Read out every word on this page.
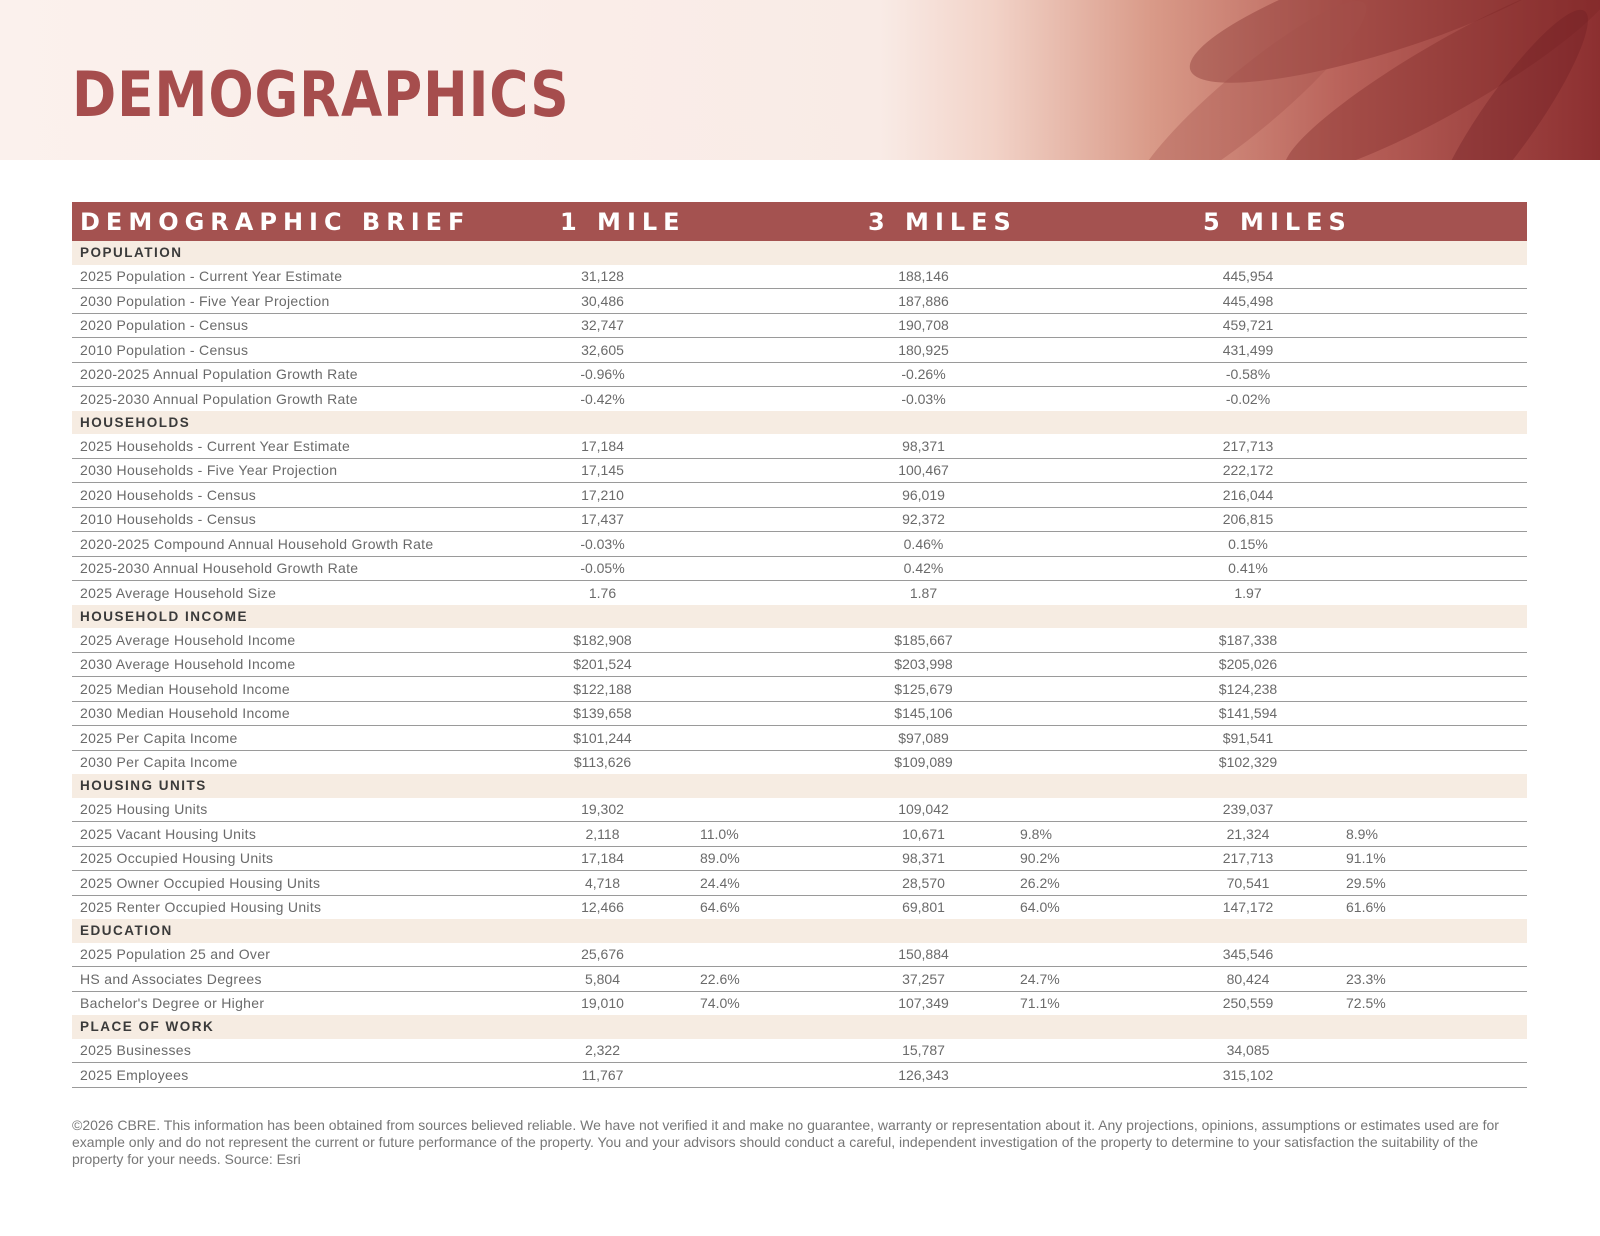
DEMOGRAPHICS
DEMOGRAPHIC BRIEF	1 MILE		3 MILES		5 MILES	
POPULATION						
2025 Population - Current Year Estimate	31,128		188,146		445,954	
2030 Population - Five Year Projection	30,486		187,886		445,498	
2020 Population - Census	32,747		190,708		459,721	
2010 Population - Census	32,605		180,925		431,499	
2020-2025 Annual Population Growth Rate	-0.96%		-0.26%		-0.58%	
2025-2030 Annual Population Growth Rate	-0.42%		-0.03%		-0.02%	
HOUSEHOLDS						
2025 Households - Current Year Estimate	17,184		98,371		217,713	
2030 Households - Five Year Projection	17,145		100,467		222,172	
2020 Households - Census	17,210		96,019		216,044	
2010 Households - Census	17,437		92,372		206,815	
2020-2025 Compound Annual Household Growth Rate	-0.03%		0.46%		0.15%	
2025-2030 Annual Household Growth Rate	-0.05%		0.42%		0.41%	
2025 Average Household Size	1.76		1.87		1.97	
HOUSEHOLD INCOME						
2025 Average Household Income	$182,908		$185,667		$187,338	
2030 Average Household Income	$201,524		$203,998		$205,026	
2025 Median Household Income	$122,188		$125,679		$124,238	
2030 Median Household Income	$139,658		$145,106		$141,594	
2025 Per Capita Income	$101,244		$97,089		$91,541	
2030 Per Capita Income	$113,626		$109,089		$102,329	
HOUSING UNITS						
2025 Housing Units	19,302		109,042		239,037	
2025 Vacant Housing Units	2,118	11.0%	10,671	9.8%	21,324	8.9%
2025 Occupied Housing Units	17,184	89.0%	98,371	90.2%	217,713	91.1%
2025 Owner Occupied Housing Units	4,718	24.4%	28,570	26.2%	70,541	29.5%
2025 Renter Occupied Housing Units	12,466	64.6%	69,801	64.0%	147,172	61.6%
EDUCATION						
2025 Population 25 and Over	25,676		150,884		345,546	
HS and Associates Degrees	5,804	22.6%	37,257	24.7%	80,424	23.3%
Bachelor's Degree or Higher	19,010	74.0%	107,349	71.1%	250,559	72.5%
PLACE OF WORK						
2025 Businesses	2,322		15,787		34,085	
2025 Employees	11,767		126,343		315,102	

©2026 CBRE. This information has been obtained from sources believed reliable. We have not verified it and make no guarantee, warranty or representation about it. Any projections, opinions, assumptions or estimates used are for example only and do not represent the current or future performance of the property. You and your advisors should conduct a careful, independent investigation of the property to determine to your satisfaction the suitability of the property for your needs. Source: Esri
